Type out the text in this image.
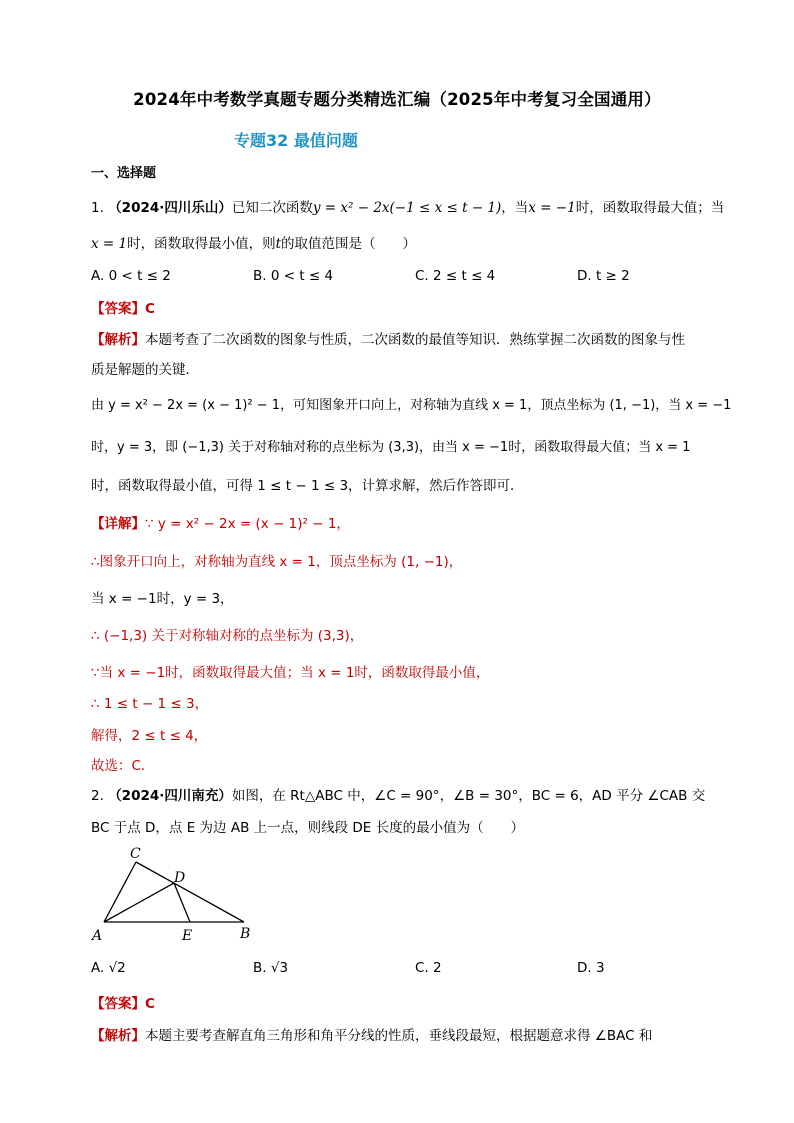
2024年中考数学真题专题分类精选汇编（2025年中考复习全国通用）
专题32 最值问题
一、选择题
1. （2024·四川乐山）已知二次函数y = x² − 2x(−1 ≤ x ≤ t − 1)，当x = −1时，函数取得最大值；当
x = 1时，函数取得最小值，则t的取值范围是（　　）
A. 0 < t ≤ 2	B. 0 < t ≤ 4	C. 2 ≤ t ≤ 4	D. t ≥ 2
【答案】C
【解析】本题考查了二次函数的图象与性质，二次函数的最值等知识．熟练掌握二次函数的图象与性
质是解题的关键．
由 y = x² − 2x = (x − 1)² − 1，可知图象开口向上，对称轴为直线 x = 1，顶点坐标为 (1, −1)，当 x = −1
时，y = 3，即 (−1,3) 关于对称轴对称的点坐标为 (3,3)，由当 x = −1时，函数取得最大值；当 x = 1
时，函数取得最小值，可得 1 ≤ t − 1 ≤ 3，计算求解，然后作答即可．
【详解】∵ y = x² − 2x = (x − 1)² − 1，
∴图象开口向上，对称轴为直线 x = 1，顶点坐标为 (1, −1)，
当 x = −1时，y = 3，
∴ (−1,3) 关于对称轴对称的点坐标为 (3,3)，
∵当 x = −1时，函数取得最大值；当 x = 1时，函数取得最小值，
∴ 1 ≤ t − 1 ≤ 3，
解得，2 ≤ t ≤ 4，
故选：C．
2. （2024·四川南充）如图，在 Rt△ABC 中，∠C = 90°，∠B = 30°，BC = 6，AD 平分 ∠CAB 交
BC 于点 D，点 E 为边 AB 上一点，则线段 DE 长度的最小值为（　　）
C
D
A	E	B
A. √2	B. √3	C. 2	D. 3
【答案】C
【解析】本题主要考查解直角三角形和角平分线的性质，垂线段最短，根据题意求得 ∠BAC 和
